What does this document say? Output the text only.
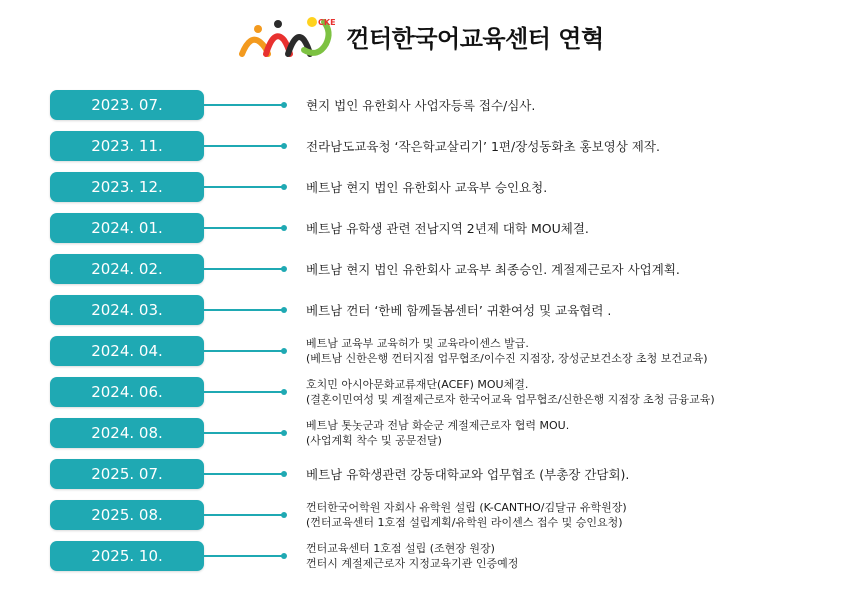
CKE
껀터한국어교육센터 연혁
2023. 07.	현지 법인 유한회사 사업자등록 접수/심사.
2023. 11.	전라남도교육청 ‘작은학교살리기’ 1편/장성동화초 홍보영상 제작.
2023. 12.	베트남 현지 법인 유한회사 교육부 승인요청.
2024. 01.	베트남 유학생 관련 전남지역 2년제 대학 MOU체결.
2024. 02.	베트남 현지 법인 유한회사 교육부 최종승인. 계절제근로자 사업계획.
2024. 03.	베트남 껀터 ‘한베 함께돌봄센터’ 귀환여성 및 교육협력 .
2024. 04.	베트남 교육부 교육허가 및 교육라이센스 발급.
(베트남 신한은행 껀터지점 업무협조/이수진 지점장, 장성군보건소장 초청 보건교육)
2024. 06.	호치민 아시아문화교류재단(ACEF) MOU체결.
(결혼이민여성 및 계절제근로자 한국어교육 업무협조/신한은행 지점장 초청 금융교육)
2024. 08.	베트남 톳놋군과 전남 화순군 계절제근로자 협력 MOU.
(사업계획 착수 및 공문전달)
2025. 07.	베트남 유학생관련 강동대학교와 업무협조 (부총장 간담회).
2025. 08.	껀터한국어학원 자회사 유학원 설립 (K-CANTHO/김달규 유학원장)
(껀터교육센터 1호점 설립계획/유학원 라이센스 접수 및 승인요청)
2025. 10.	껀터교육센터 1호점 설립 (조현장 원장)
껀터시 계절제근로자 지정교육기관 인증예정
